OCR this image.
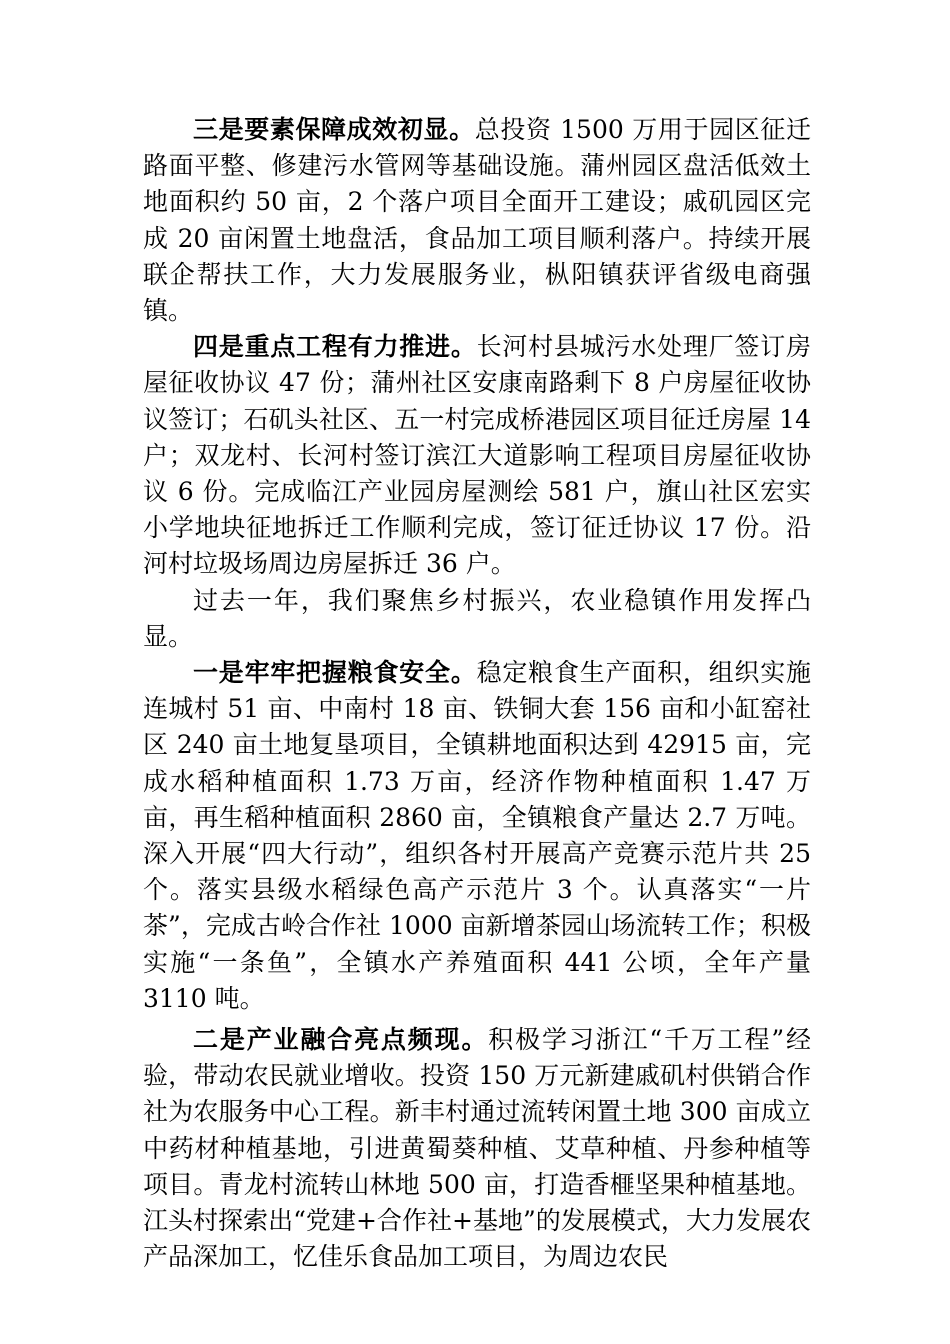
三是要素保障成效初显。总投资 1500 万用于园区征迁路面平整、修建污水管网等基础设施。蒲州园区盘活低效土地面积约 50 亩，2 个落户项目全面开工建设；戚矶园区完成 20 亩闲置土地盘活，食品加工项目顺利落户。持续开展联企帮扶工作，大力发展服务业，枞阳镇获评省级电商强镇。

四是重点工程有力推进。长河村县城污水处理厂签订房屋征收协议 47 份；蒲州社区安康南路剩下 8 户房屋征收协议签订；石矶头社区、五一村完成桥港园区项目征迁房屋 14 户；双龙村、长河村签订滨江大道影响工程项目房屋征收协议 6 份。完成临江产业园房屋测绘 581 户，旗山社区宏实小学地块征地拆迁工作顺利完成，签订征迁协议 17 份。沿河村垃圾场周边房屋拆迁 36 户。

过去一年，我们聚焦乡村振兴，农业稳镇作用发挥凸显。

一是牢牢把握粮食安全。稳定粮食生产面积，组织实施连城村 51 亩、中南村 18 亩、铁铜大套 156 亩和小缸窑社区 240 亩土地复垦项目，全镇耕地面积达到 42915 亩，完成水稻种植面积 1.73 万亩，经济作物种植面积 1.47 万亩，再生稻种植面积 2860 亩，全镇粮食产量达 2.7 万吨。深入开展“四大行动”，组织各村开展高产竞赛示范片共 25 个。落实县级水稻绿色高产示范片 3 个。认真落实“一片茶”，完成古岭合作社 1000 亩新增茶园山场流转工作；积极实施“一条鱼”，全镇水产养殖面积 441 公顷，全年产量 3110 吨。

二是产业融合亮点频现。积极学习浙江“千万工程”经验，带动农民就业增收。投资 150 万元新建戚矶村供销合作社为农服务中心工程。新丰村通过流转闲置土地 300 亩成立中药材种植基地，引进黄蜀葵种植、艾草种植、丹参种植等项目。青龙村流转山林地 500 亩，打造香榧坚果种植基地。江头村探索出“党建+合作社+基地”的发展模式，大力发展农产品深加工，忆佳乐食品加工项目，为周边农民
